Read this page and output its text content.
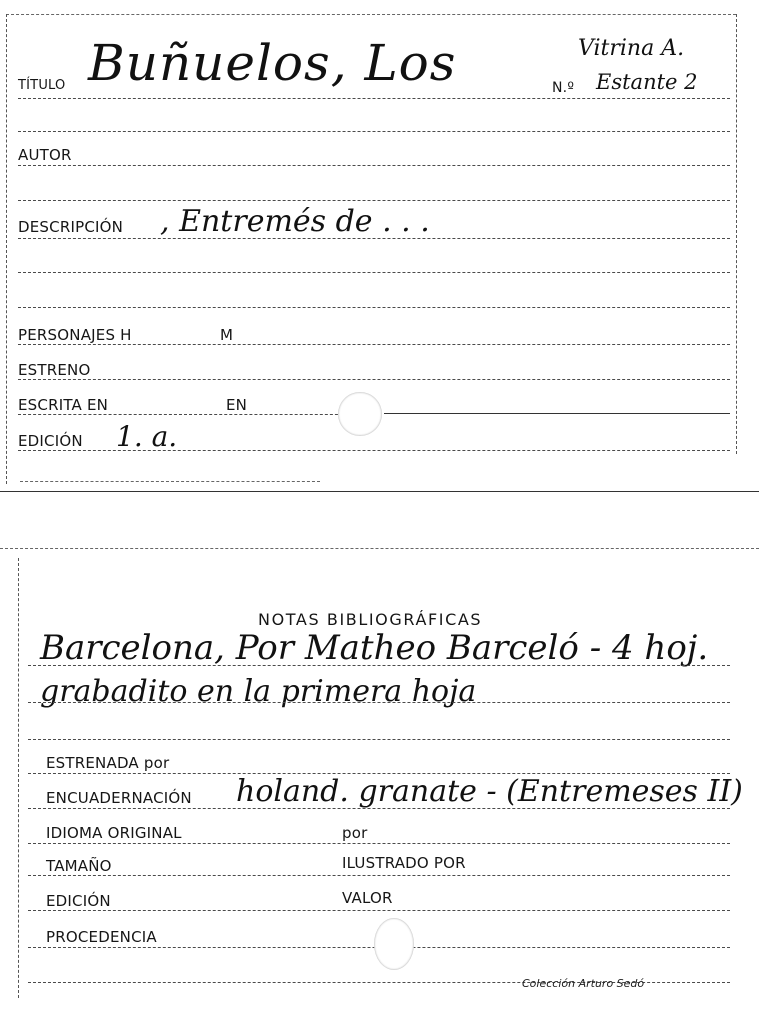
TÍTULO Buñuelos, Los	Vitrina A.
N.º Estante 2
AUTOR
DESCRIPCIÓN , Entremés de . . .
PERSONAJES H	M
ESTRENO
ESCRITA EN	EN
EDICIÓN 1. a.
NOTAS BIBLIOGRÁFICAS
Barcelona, Por Matheo Barceló - 4 hoj.
grabadito en la primera hoja
ESTRENADA por
ENCUADERNACIÓN holand. granate - (Entremeses II)
IDIOMA ORIGINAL	por
TAMAÑO	ILUSTRADO POR
EDICIÓN	VALOR
PROCEDENCIA
Colección Arturo Sedó
